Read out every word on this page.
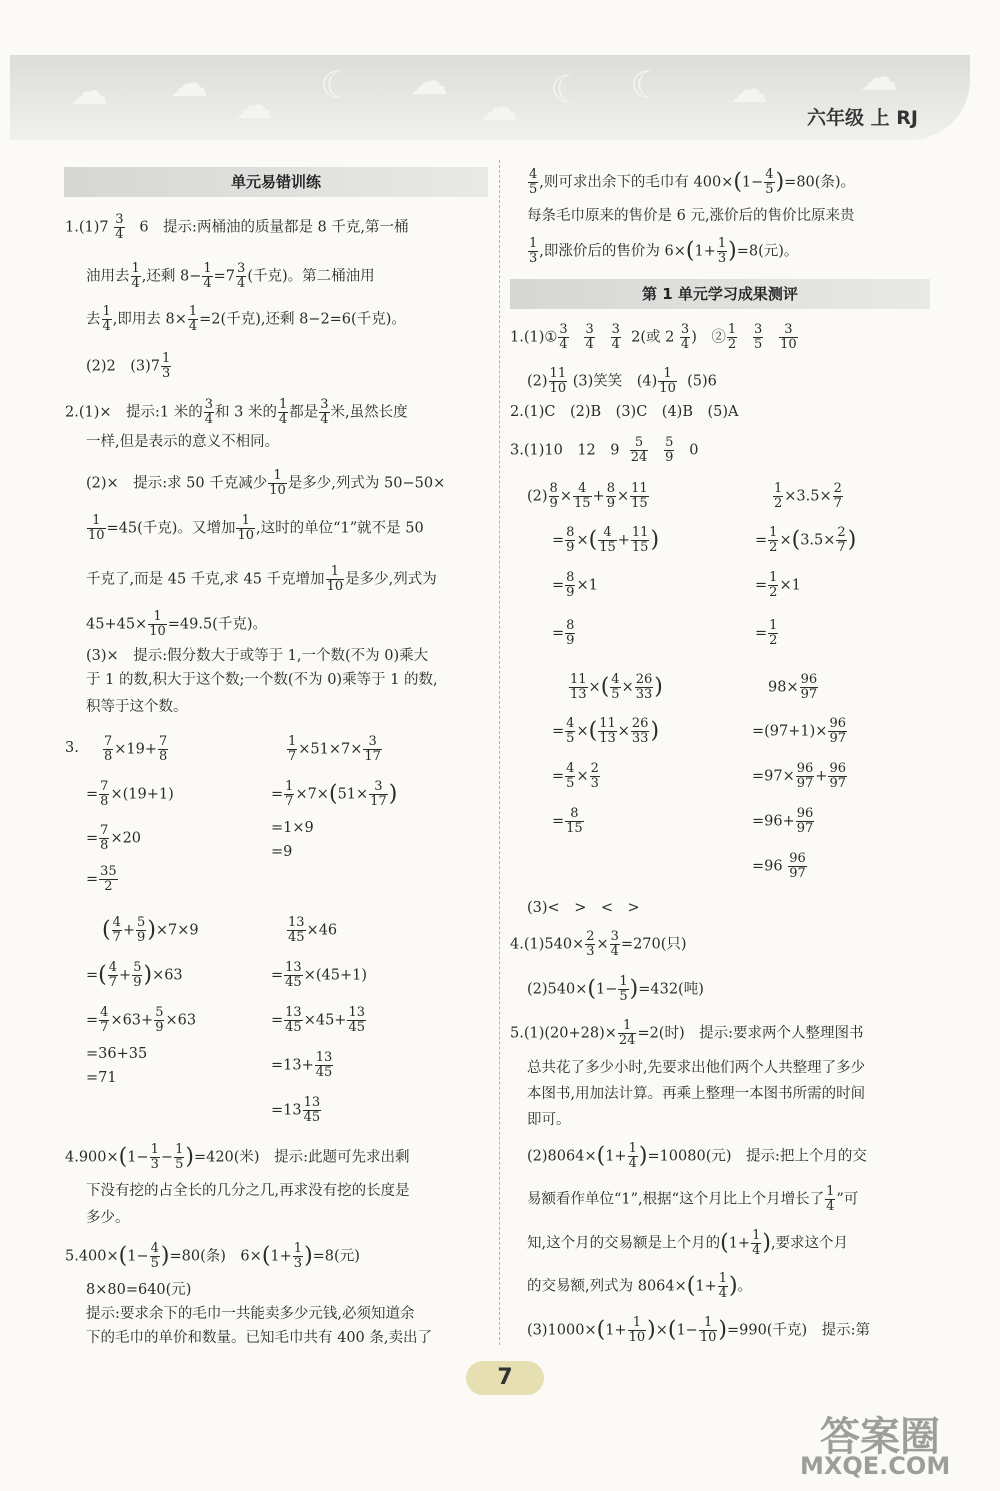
☁ ☁ ☁ ☾ ☁
☁ ☾ ☾ ☁ ☁
六年级 上 RJ
单元易错训练
第 1 单元学习成果测评
$1.(1)7 \frac{3}{4} 6$　提示:两桶油的质量都是 8 千克,第一桶
油用去 $\frac{1}{4}$ ,还剩 $8- \frac{1}{4} =7 \frac{3}{4}$ (千克)。第二桶油用
去 $\frac{1}{4}$ ,即用去 $8\times \frac{1}{4} =2$(千克),还剩 8−2=6(千克)。
(2)2　$(3)7 \frac{1}{3}$
2.(1)×　提示:1 米的 $\frac{3}{4}$ 和 3 米的 $\frac{1}{4}$ 都是 $\frac{3}{4}$ 米,虽然长度
一样,但是表示的意义不相同。
(2)×　提示:求 50 千克减少 $\frac{1}{10}$ 是多少,列式为 50−50×
$\frac{1}{10} =45$(千克)。又增加 $\frac{1}{10}$ ,这时的单位“1”就不是 50
千克了,而是 45 千克,求 45 千克增加 $\frac{1}{10}$ 是多少,列式为
$45+45\times \frac{1}{10} =49.5$(千克)。
(3)×　提示:假分数大于或等于 1,一个数(不为 0)乘大
于 1 的数,积大于这个数;一个数(不为 0)乘等于 1 的数,
积等于这个数。
3. $\frac{7}{8} \times 19+ \frac{7}{8}$
= $\frac{7}{8} \times(19+1)$
= $\frac{7}{8} \times 20$
= $\frac{35}{2}$
$\frac{1}{7} \times 51\times 7\times \frac{3}{17}$
= $\frac{1}{7} \times 7\times(51\times \frac{3}{17}$ )
=1×9
=9
( $\frac{4}{7} + \frac{5}{9} )\times 7\times 9$
=( $\frac{4}{7} + \frac{5}{9} )\times 63$
= $\frac{4}{7} \times 63+ \frac{5}{9} \times 63$
=36+35
=71
$\frac{13}{45} \times 46$
= $\frac{13}{45} \times(45+1)$
= $\frac{13}{45} \times 45+ \frac{13}{45}$
$=13+ \frac{13}{45}$
$=13 \frac{13}{45}$
$4.900\times(1- \frac{1}{3} - \frac{1}{5} )=420$(米)　提示:此题可先求出剩
下没有挖的占全长的几分之几,再求没有挖的长度是
多少。
$5.400\times(1- \frac{4}{5} )=80$(条)　$6\times(1+ \frac{1}{3} )=8$(元)
8×80=640(元)
提示:要求余下的毛巾一共能卖多少元钱,必须知道余
下的毛巾的单价和数量。已知毛巾共有 400 条,卖出了
$\frac{4}{5}$ ,则可求出余下的毛巾有 $400\times(1- \frac{4}{5} )=80$(条)。
每条毛巾原来的售价是 6 元,涨价后的售价比原来贵
$\frac{1}{3}$ ,即涨价后的售价为 $6\times(1+ \frac{1}{3} )=8$(元)。
1.(1)① $\frac{3}{4}$
$\frac{3}{4}$
$\frac{3}{4} 2$(或 $2 \frac{3}{4}$ )　② $\frac{1}{2}$
$\frac{3}{5}$
$\frac{3}{10}$
$(2) \frac{11}{10} (3)$笑笑　$(4) \frac{1}{10} (5)6$
2.(1)C　(2)B　(3)C　(4)B　(5)A
3.(1)10　12　$9 \frac{5}{24}$
$\frac{5}{9} 0$
$(2) \frac{8}{9} \times \frac{4}{15} + \frac{8}{9} \times \frac{11}{15}$
= $\frac{8}{9}$ ×( $\frac{4}{15} + \frac{11}{15}$ )
= $\frac{8}{9} \times 1$
= $\frac{8}{9}$
$\frac{1}{2} \times 3.5\times \frac{2}{7}$
= $\frac{1}{2} \times(3.5\times \frac{2}{7}$ )
= $\frac{1}{2} \times 1$
= $\frac{1}{2}$
$\frac{11}{13}$ ×( $\frac{4}{5} \times \frac{26}{33}$ )
= $\frac{4}{5}$ ×( $\frac{11}{13} \times \frac{26}{33}$ )
= $\frac{4}{5} \times \frac{2}{3}$
= $\frac{8}{15}$
$98\times \frac{96}{97}$
$=(97+1)\times \frac{96}{97}$
$=97\times \frac{96}{97} + \frac{96}{97}$
$=96+ \frac{96}{97}$
$=96 \frac{96}{97}$
(3)<　>　<　>
$4.(1)540\times \frac{2}{3} \times \frac{3}{4} =270$(只)
$(2)540\times(1- \frac{1}{5} )=432$(吨)
$5.(1)(20+28)\times \frac{1}{24} =2$(时)　提示:要求两个人整理图书
总共花了多少小时,先要求出他们两个人共整理了多少
本图书,用加法计算。再乘上整理一本图书所需的时间
即可。
$(2)8064\times(1+ \frac{1}{4} )=10080$(元)　提示:把上个月的交
易额看作单位“1”,根据“这个月比上个月增长了 $\frac{1}{4}$ ”可
知,这个月的交易额是上个月的($1+ \frac{1}{4}$ ),要求这个月
的交易额,列式为 $8064\times(1+ \frac{1}{4}$ )。
$(3)1000\times(1+ \frac{1}{10} )\times(1- \frac{1}{10} )=990$(千克)　提示:第
7
答案圈
MXQE.COM
